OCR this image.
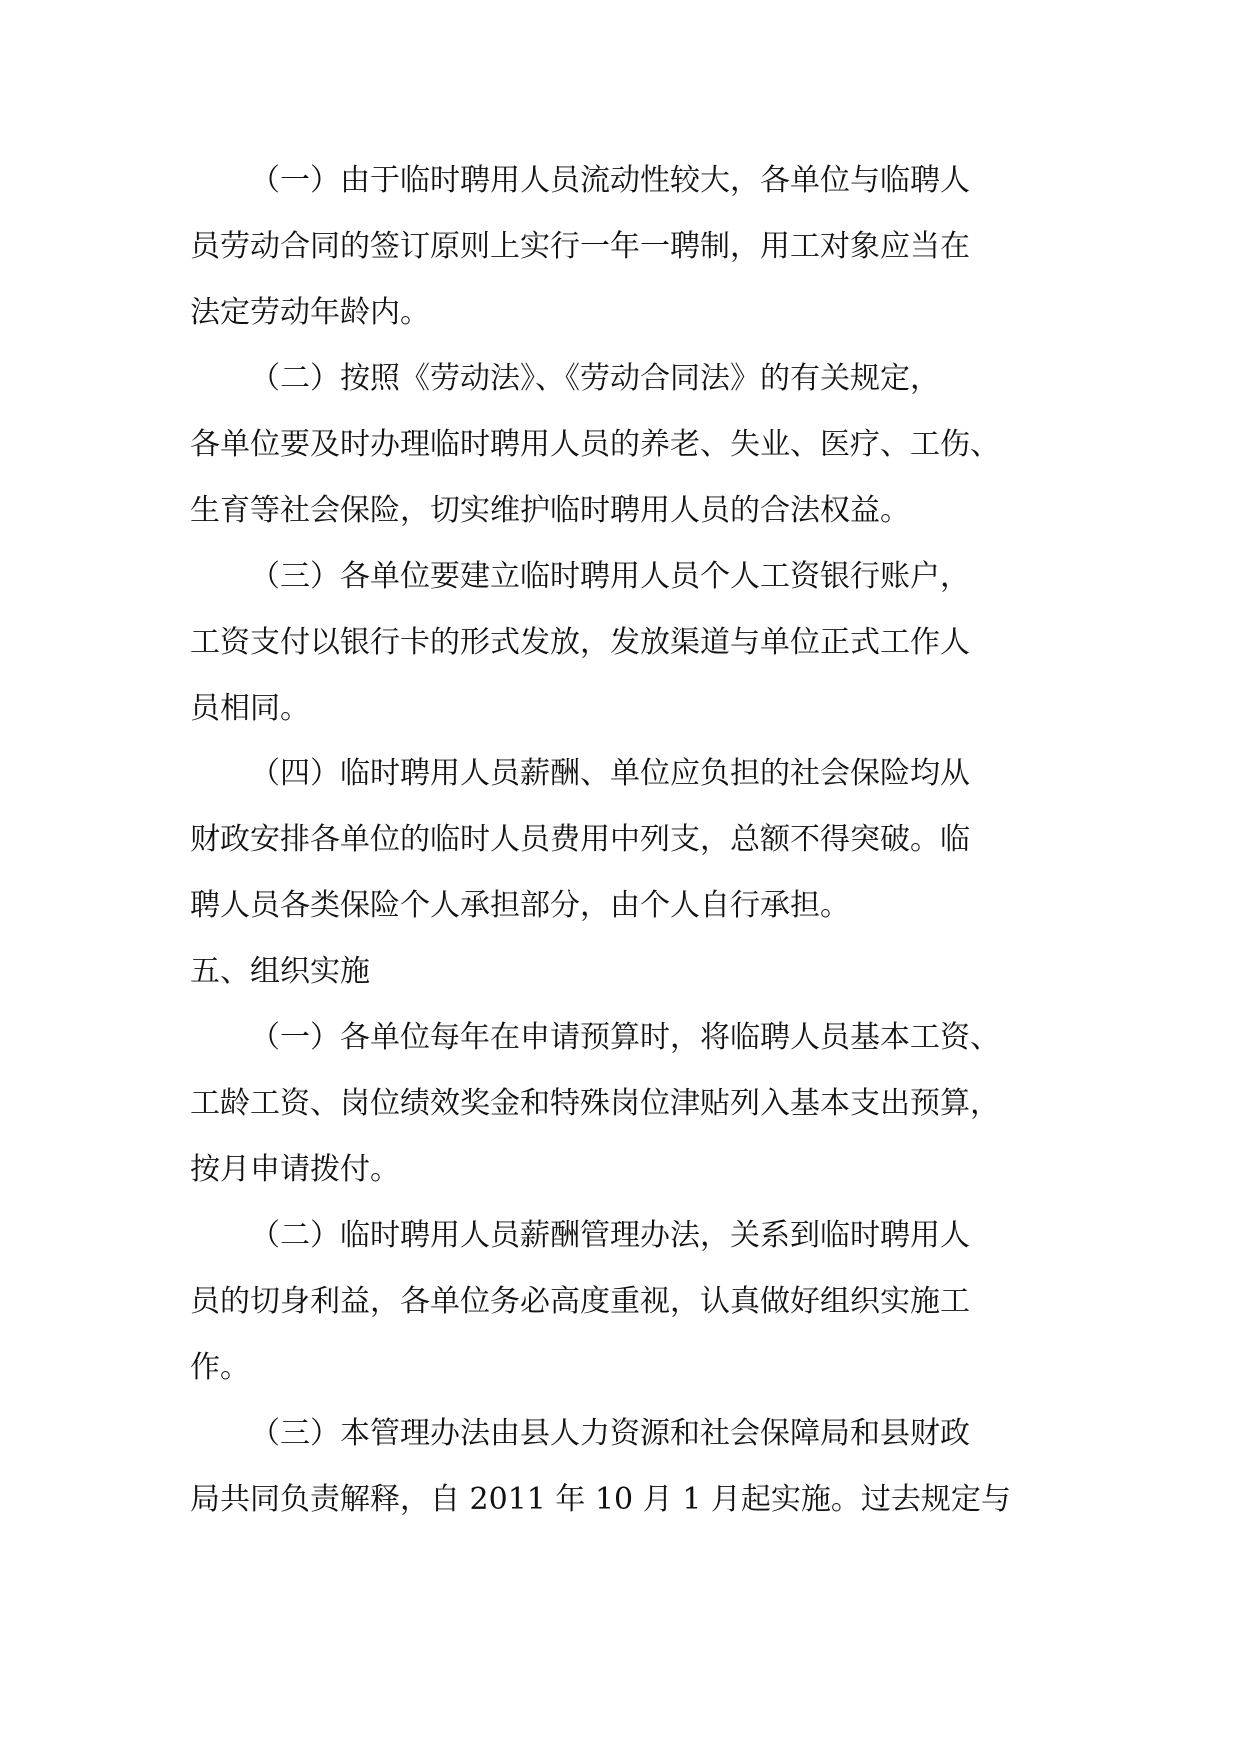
（一）由于临时聘用人员流动性较大，各单位与临聘人
员劳动合同的签订原则上实行一年一聘制，用工对象应当在
法定劳动年龄内。
（二）按照《劳动法》、《劳动合同法》的有关规定，
各单位要及时办理临时聘用人员的养老、失业、医疗、工伤、
生育等社会保险，切实维护临时聘用人员的合法权益。
（三）各单位要建立临时聘用人员个人工资银行账户，
工资支付以银行卡的形式发放，发放渠道与单位正式工作人
员相同。
（四）临时聘用人员薪酬、单位应负担的社会保险均从
财政安排各单位的临时人员费用中列支，总额不得突破。临
聘人员各类保险个人承担部分，由个人自行承担。
五、组织实施
（一）各单位每年在申请预算时，将临聘人员基本工资、
工龄工资、岗位绩效奖金和特殊岗位津贴列入基本支出预算，
按月申请拨付。
（二）临时聘用人员薪酬管理办法，关系到临时聘用人
员的切身利益，各单位务必高度重视，认真做好组织实施工
作。
（三）本管理办法由县人力资源和社会保障局和县财政
局共同负责解释，自 2011 年 10 月 1 月起实施。过去规定与
